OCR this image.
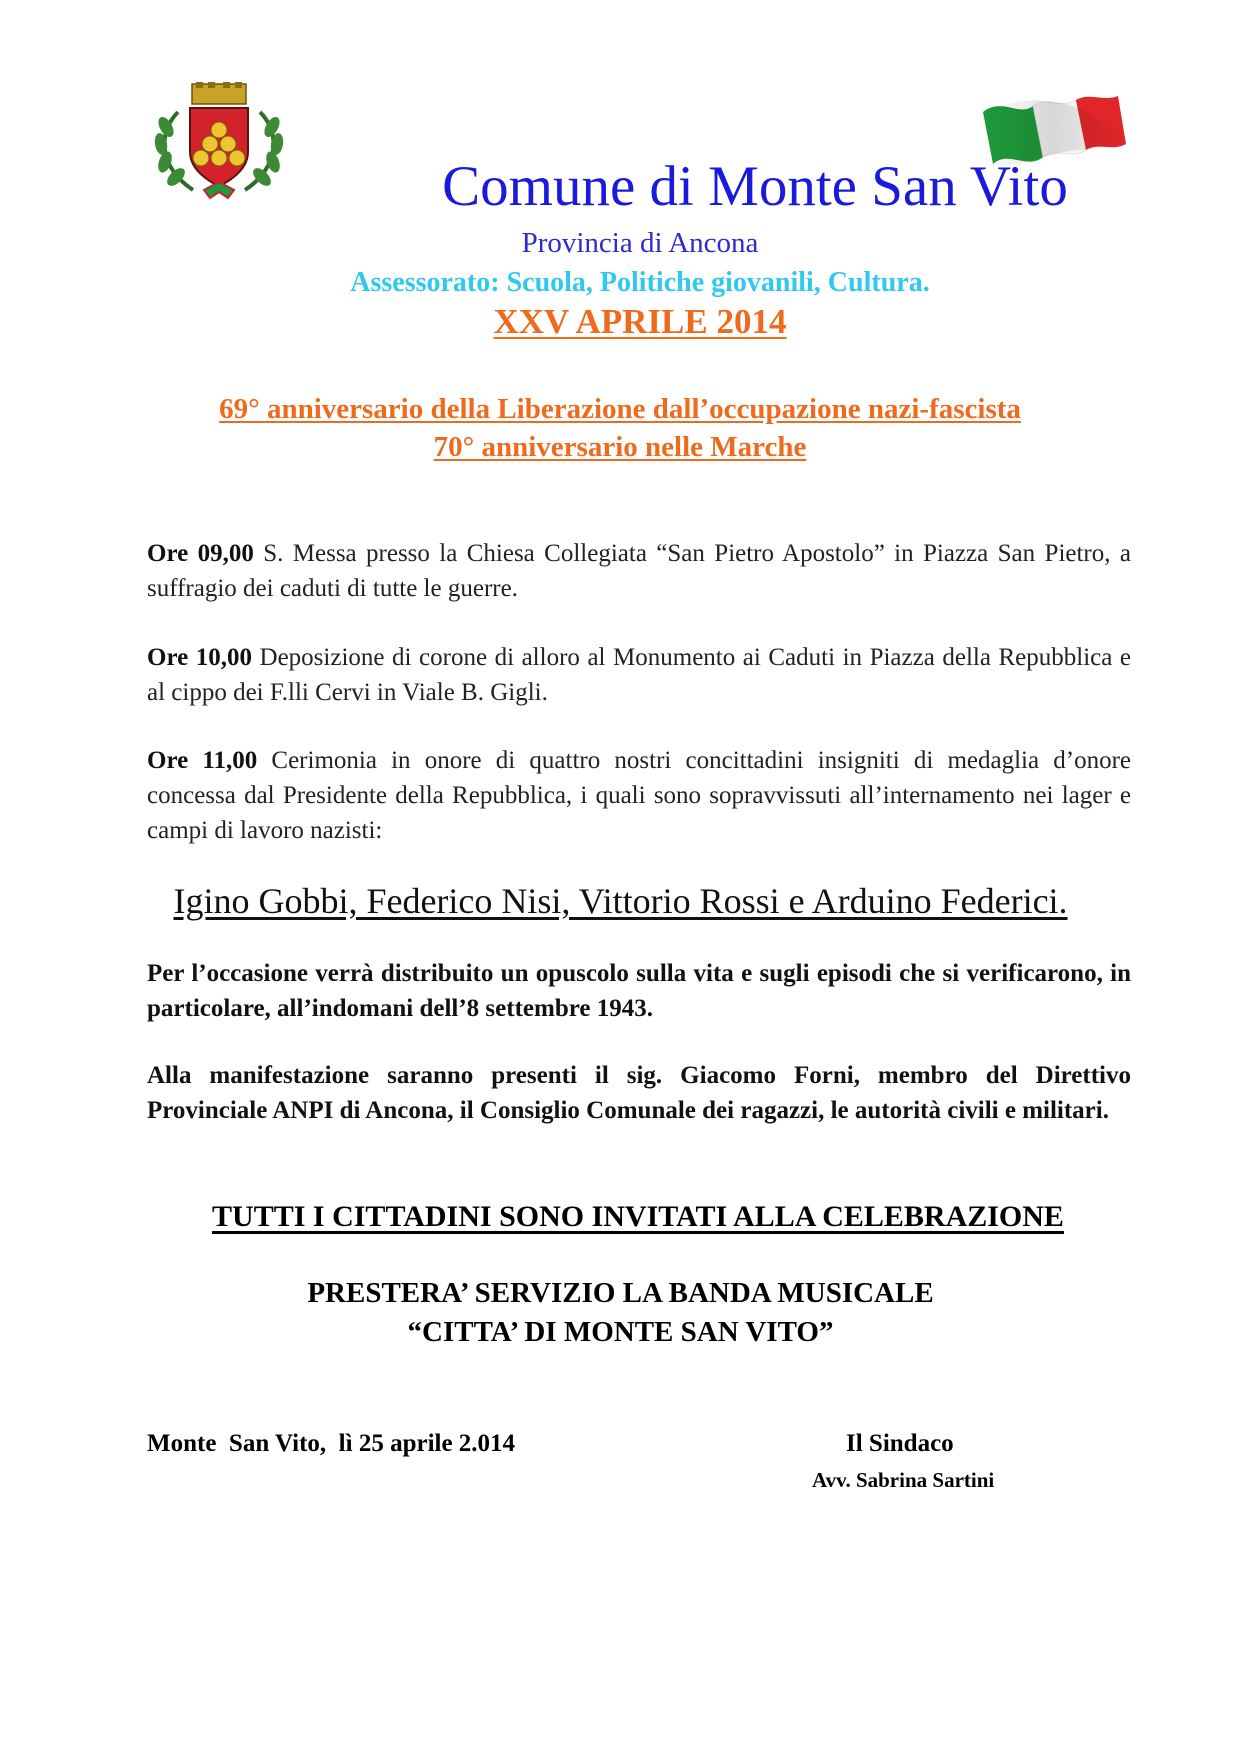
Comune di Monte San Vito
Provincia di Ancona
Assessorato: Scuola, Politiche giovanili, Cultura.
XXV APRILE 2014
69° anniversario della Liberazione dall’occupazione nazi-fascista
70° anniversario nelle Marche
Ore 09,00 S. Messa presso la Chiesa Collegiata “San Pietro Apostolo” in Piazza San Pietro, a suffragio dei caduti di tutte le guerre.
Ore 10,00 Deposizione di corone di alloro al Monumento ai Caduti in Piazza della Repubblica e al cippo dei F.lli Cervi in Viale B. Gigli.
Ore 11,00 Cerimonia in onore di quattro nostri concittadini insigniti di medaglia d’onore concessa dal Presidente della Repubblica, i quali sono sopravvissuti all’internamento nei lager e campi di lavoro nazisti:
Igino Gobbi, Federico Nisi, Vittorio Rossi e Arduino Federici.
Per l’occasione verrà distribuito un opuscolo sulla vita e sugli episodi che si verificarono, in particolare, all’indomani dell’8 settembre 1943.
Alla manifestazione saranno presenti il sig. Giacomo Forni, membro del Direttivo Provinciale ANPI di Ancona, il Consiglio Comunale dei ragazzi, le autorità civili e militari.
TUTTI I CITTADINI SONO INVITATI ALLA CELEBRAZIONE
PRESTERA’ SERVIZIO LA BANDA MUSICALE
“CITTA’ DI MONTE SAN VITO”
Monte  San Vito,  lì 25 aprile 2.014	Il Sindaco
Avv. Sabrina Sartini
